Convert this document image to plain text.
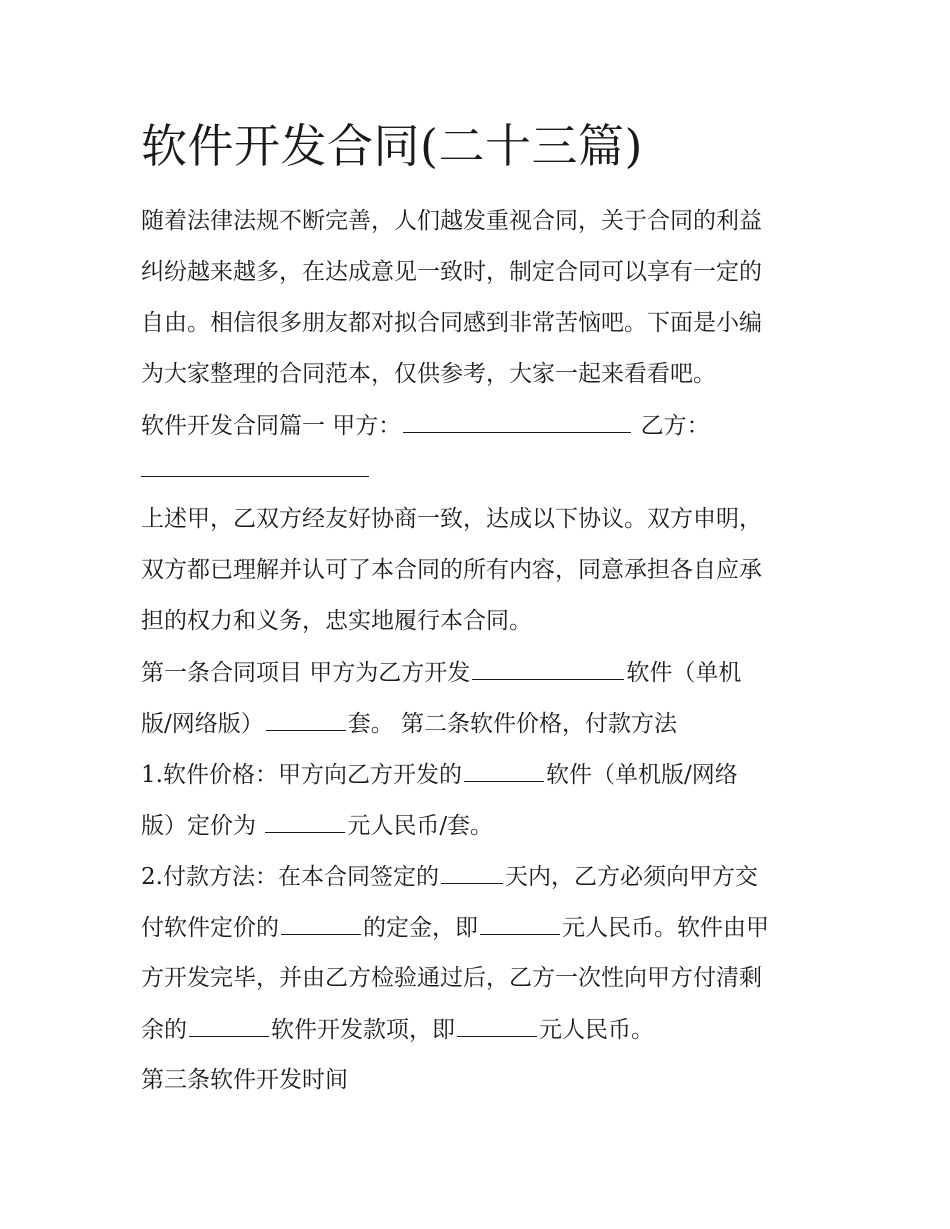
软件开发合同(二十三篇)

随着法律法规不断完善，人们越发重视合同，关于合同的利益

纠纷越来越多，在达成意见一致时，制定合同可以享有一定的

自由。相信很多朋友都对拟合同感到非常苦恼吧。下面是小编

为大家整理的合同范本，仅供参考，大家一起来看看吧。

软件开发合同篇一 甲方：	乙方：

上述甲，乙双方经友好协商一致，达成以下协议。双方申明，

双方都已理解并认可了本合同的所有内容，同意承担各自应承

担的权力和义务，忠实地履行本合同。

第一条合同项目 甲方为乙方开发	软件（单机

版/网络版）	套。 第二条软件价格，付款方法

1.软件价格：甲方向乙方开发的	软件（单机版/网络

版）定价为	元人民币/套。

2.付款方法：在本合同签定的	天内，乙方必须向甲方交

付软件定价的	的定金，即	元人民币。软件由甲

方开发完毕，并由乙方检验通过后，乙方一次性向甲方付清剩

余的	软件开发款项，即	元人民币。

第三条软件开发时间
